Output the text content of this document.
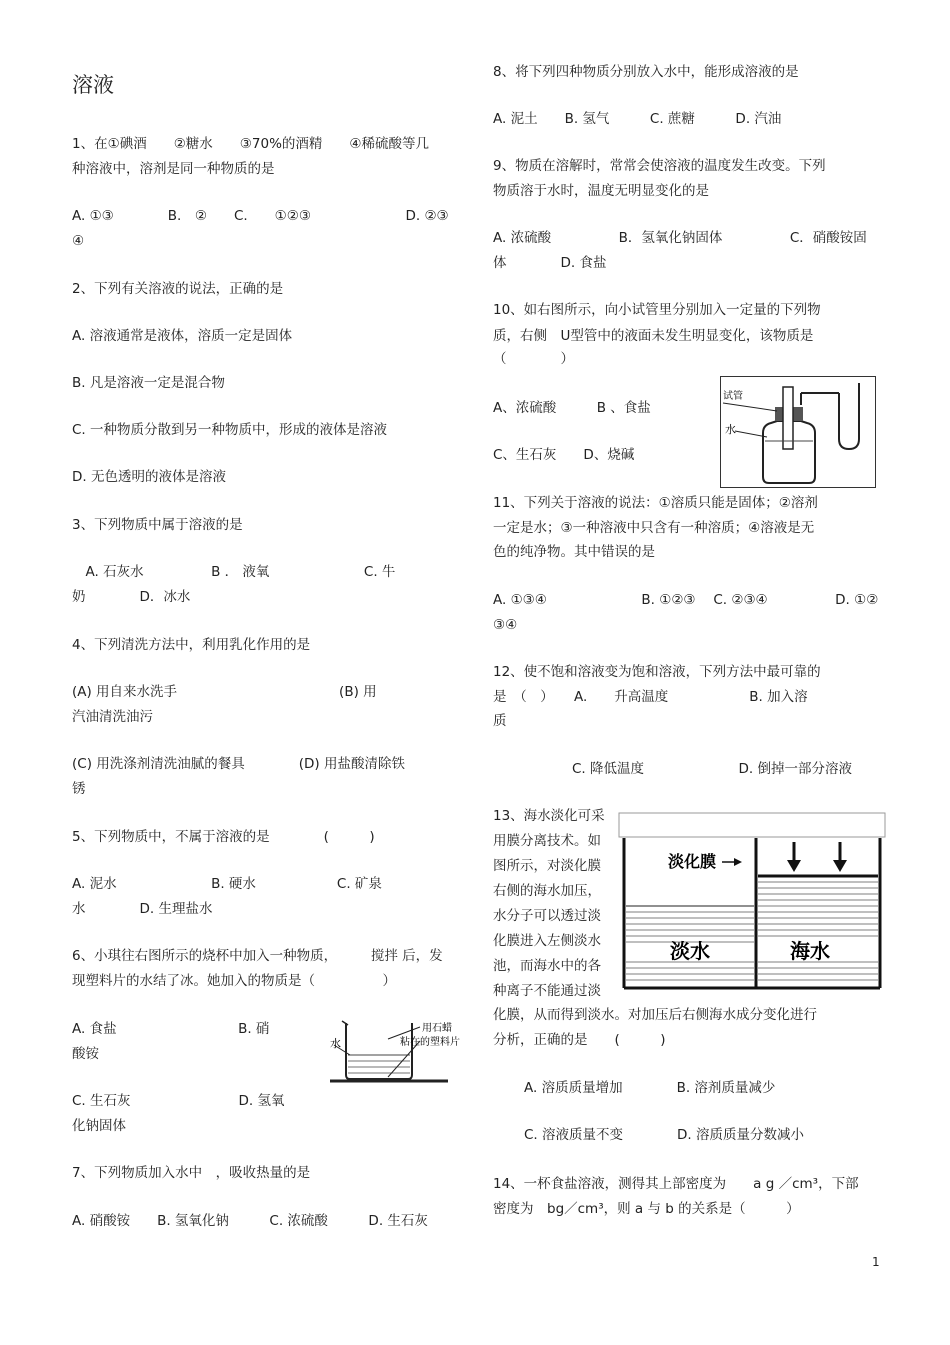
溶液
1、在①碘酒　　②糖水　　③70%的酒精　　④稀硫酸等几
种溶液中，溶剂是同一种物质的是
A. ①③　　　　B.　②　　C.　　①②③　　　　　　　D. ②③
④
2、下列有关溶液的说法，正确的是
A. 溶液通常是液体，溶质一定是固体
B. 凡是溶液一定是混合物
C. 一种物质分散到另一种物质中，形成的液体是溶液
D. 无色透明的液体是溶液
3、下列物质中属于溶液的是
　A. 石灰水　　　　　B ． 液氧　　　　　　　C. 牛
奶　　　　D．冰水
4、下列清洗方法中，利用乳化作用的是
(A) 用自来水洗手　　　　　　　　　　　　(B) 用
汽油清洗油污
(C) 用洗涤剂清洗油腻的餐具　　　　(D) 用盐酸清除铁
锈
5、下列物质中，不属于溶液的是　　　　(　　　)
A. 泥水　　　　　　　B. 硬水　　　　　　C. 矿泉
水　　　　D. 生理盐水
6、小琪往右图所示的烧杯中加入一种物质，　　　搅拌 后，发
现塑料片的水结了冰。她加入的物质是（　　　　　）
A. 食盐　　　　　　　　　B. 硝
酸铵
C. 生石灰　　　　　　　　D. 氢氧
化钠固体
水
用石蜡
粘在的塑料片
7、下列物质加入水中　，吸收热量的是
A. 硝酸铵　　B. 氢氧化钠　　　C. 浓硫酸　　　D. 生石灰
8、将下列四种物质分别放入水中，能形成溶液的是
A. 泥土　　B. 氢气　　　C. 蔗糖　　　D. 汽油
9、物质在溶解时，常常会使溶液的温度发生改变。下列
物质溶于水时，温度无明显变化的是
A. 浓硫酸　　　　　B．氢氧化钠固体　　　　　C．硝酸铵固
体　　　　D. 食盐
10、如右图所示，向小试管里分别加入一定量的下列物
质，右侧　U型管中的液面未发生明显变化，该物质是
（　　　　）
A、浓硫酸　　　B 、食盐
C、生石灰　　D、烧碱
试管
水
11、下列关于溶液的说法：①溶质只能是固体；②溶剂
一定是水；③一种溶液中只含有一种溶质；④溶液是无
色的纯净物。其中错误的是
A. ①③④　　　　　　　B. ①②③　 C. ②③④　　　　　D. ①②
③④
12、使不饱和溶液变为饱和溶液，下列方法中最可靠的
是　（　）　　A.　　升高温度　　　　　　B. 加入溶
质
C. 降低温度　　　　　　　D. 倒掉一部分溶液
13、海水淡化可采
用膜分离技术。如
图所示，对淡化膜
右侧的海水加压，
水分子可以透过淡
化膜进入左侧淡水
池，而海水中的各
种离子不能通过淡
化膜，从而得到淡水。对加压后右侧海水成分变化进行
分析，正确的是　　(　　　)
A. 溶质质量增加　　　　B. 溶剂质量减少
C. 溶液质量不变　　　　D. 溶质质量分数减小
淡化膜
淡水	海水
14、一杯食盐溶液，测得其上部密度为　　a g ／cm³，下部
密度为　bg／cm³，则 a 与 b 的关系是（　　　）
1
